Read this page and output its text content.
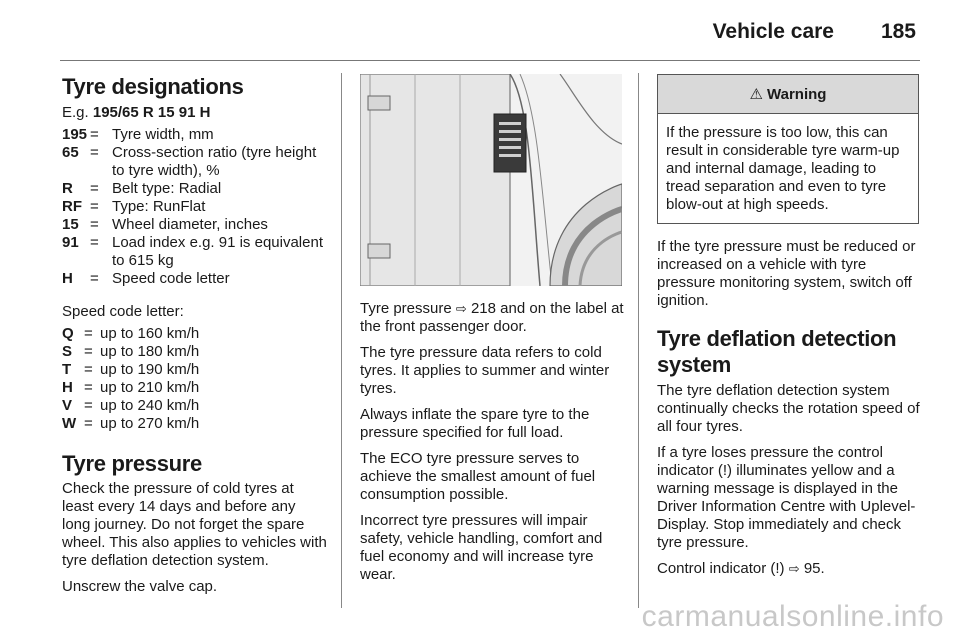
Vehicle care 185
Tyre designations
E.g. 195/65 R 15 91 H
195 = Tyre width, mm
65 = Cross-section ratio (tyre height to tyre width), %
R	= Belt type: Radial
RF = Type: RunFlat
15 = Wheel diameter, inches
91 = Load index e.g. 91 is equivalent to 615 kg
H	= Speed code letter

Speed code letter:

Q = up to 160 km/h
S = up to 180 km/h
T = up to 190 km/h
H = up to 210 km/h
V = up to 240 km/h
W = up to 270 km/h
Tyre pressure

Check the pressure of cold tyres at least every 14 days and before any long journey. Do not forget the spare wheel. This also applies to vehicles with tyre deflation detection system.

Unscrew the valve cap.

Tyre pressure ⇨ 218 and on the label at the front passenger door.

The tyre pressure data refers to cold tyres. It applies to summer and winter tyres.

Always inflate the spare tyre to the pressure specified for full load.

The ECO tyre pressure serves to achieve the smallest amount of fuel consumption possible.

Incorrect tyre pressures will impair safety, vehicle handling, comfort and fuel economy and will increase tyre wear.

⚠ Warning
If the pressure is too low, this can result in considerable tyre warm-up and internal damage, leading to tread separation and even to tyre blow-out at high speeds.

If the tyre pressure must be reduced or increased on a vehicle with tyre pressure monitoring system, switch off ignition.

Tyre deflation detection system

The tyre deflation detection system continually checks the rotation speed of all four tyres.

If a tyre loses pressure the control indicator (!) illuminates yellow and a warning message is displayed in the Driver Information Centre with Uplevel-Display. Stop immediately and check tyre pressure.

Control indicator (!) ⇨ 95.

carmanualsonline.info
